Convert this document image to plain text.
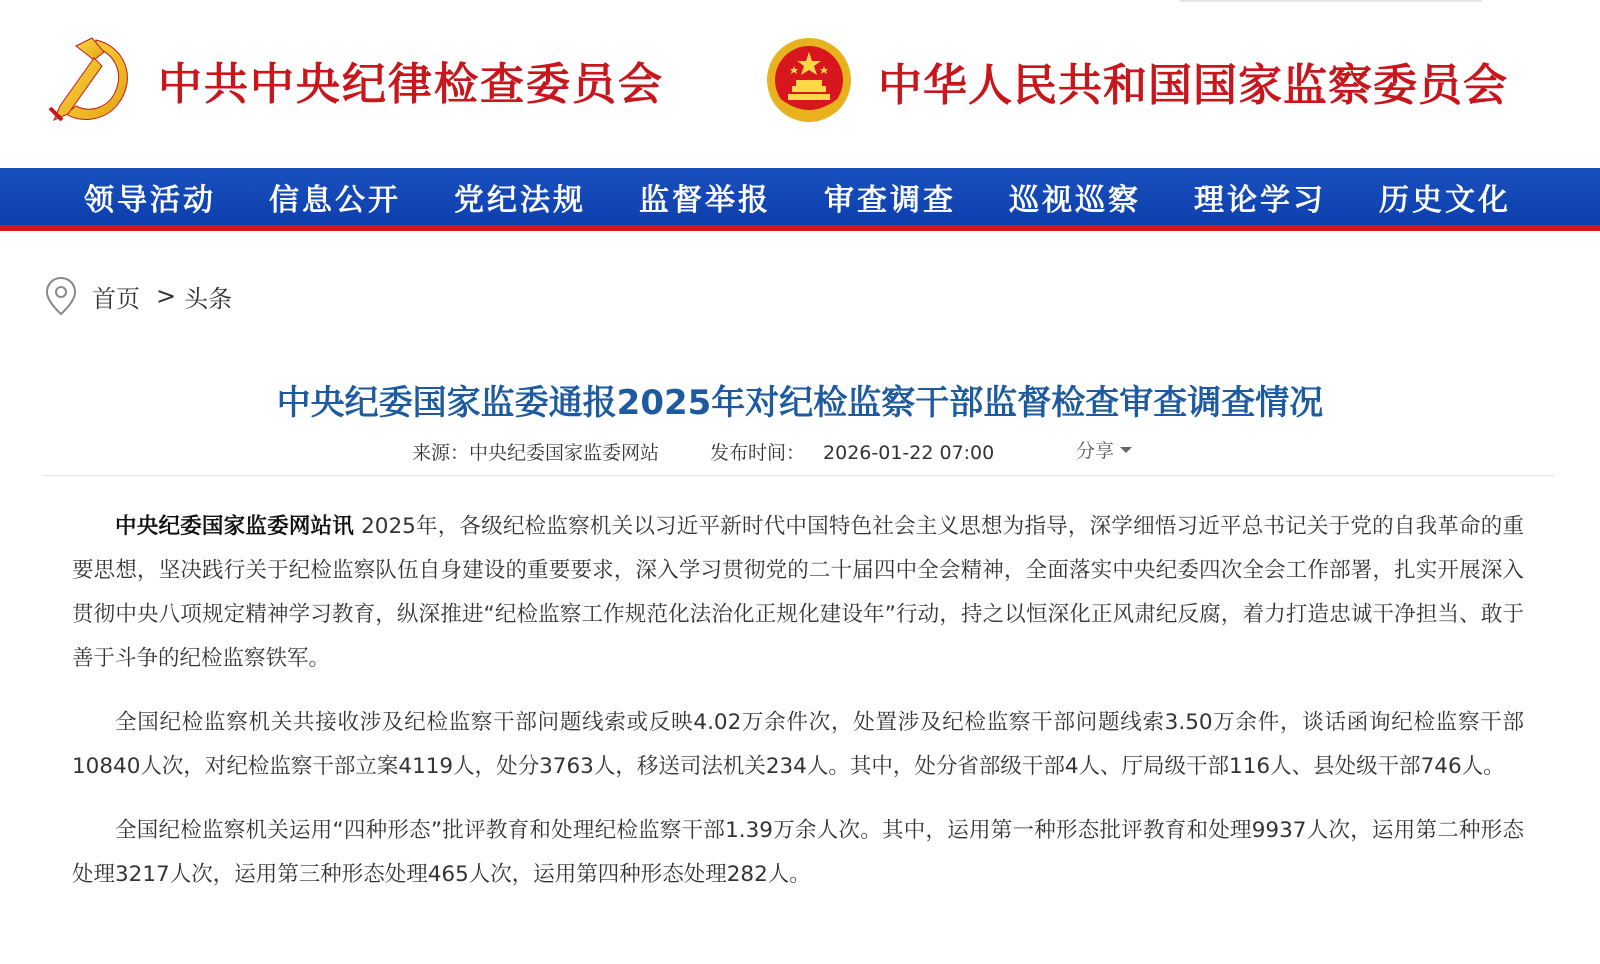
中共中央纪律检查委员会	中华人民共和国国家监察委员会
领导活动	信息公开	党纪法规	监督举报	审查调查	巡视巡察	理论学习	历史文化
首页 > 头条
中央纪委国家监委通报2025年对纪检监察干部监督检查审查调查情况
来源：中央纪委国家监委网站	发布时间： 2026-01-22 07:00	分享

中央纪委国家监委网站讯 2025年，各级纪检监察机关以习近平新时代中国特色社会主义思想为指导，深学细悟习近平总书记关于党的自我革命的重要思想，坚决践行关于纪检监察队伍自身建设的重要要求，深入学习贯彻党的二十届四中全会精神，全面落实中央纪委四次全会工作部署，扎实开展深入贯彻中央八项规定精神学习教育，纵深推进“纪检监察工作规范化法治化正规化建设年”行动，持之以恒深化正风肃纪反腐，着力打造忠诚干净担当、敢于善于斗争的纪检监察铁军。

全国纪检监察机关共接收涉及纪检监察干部问题线索或反映4.02万余件次，处置涉及纪检监察干部问题线索3.50万余件，谈话函询纪检监察干部10840人次，对纪检监察干部立案4119人，处分3763人，移送司法机关234人。其中，处分省部级干部4人、厅局级干部116人、县处级干部746人。

全国纪检监察机关运用“四种形态”批评教育和处理纪检监察干部1.39万余人次。其中，运用第一种形态批评教育和处理9937人次，运用第二种形态处理3217人次，运用第三种形态处理465人次，运用第四种形态处理282人。
